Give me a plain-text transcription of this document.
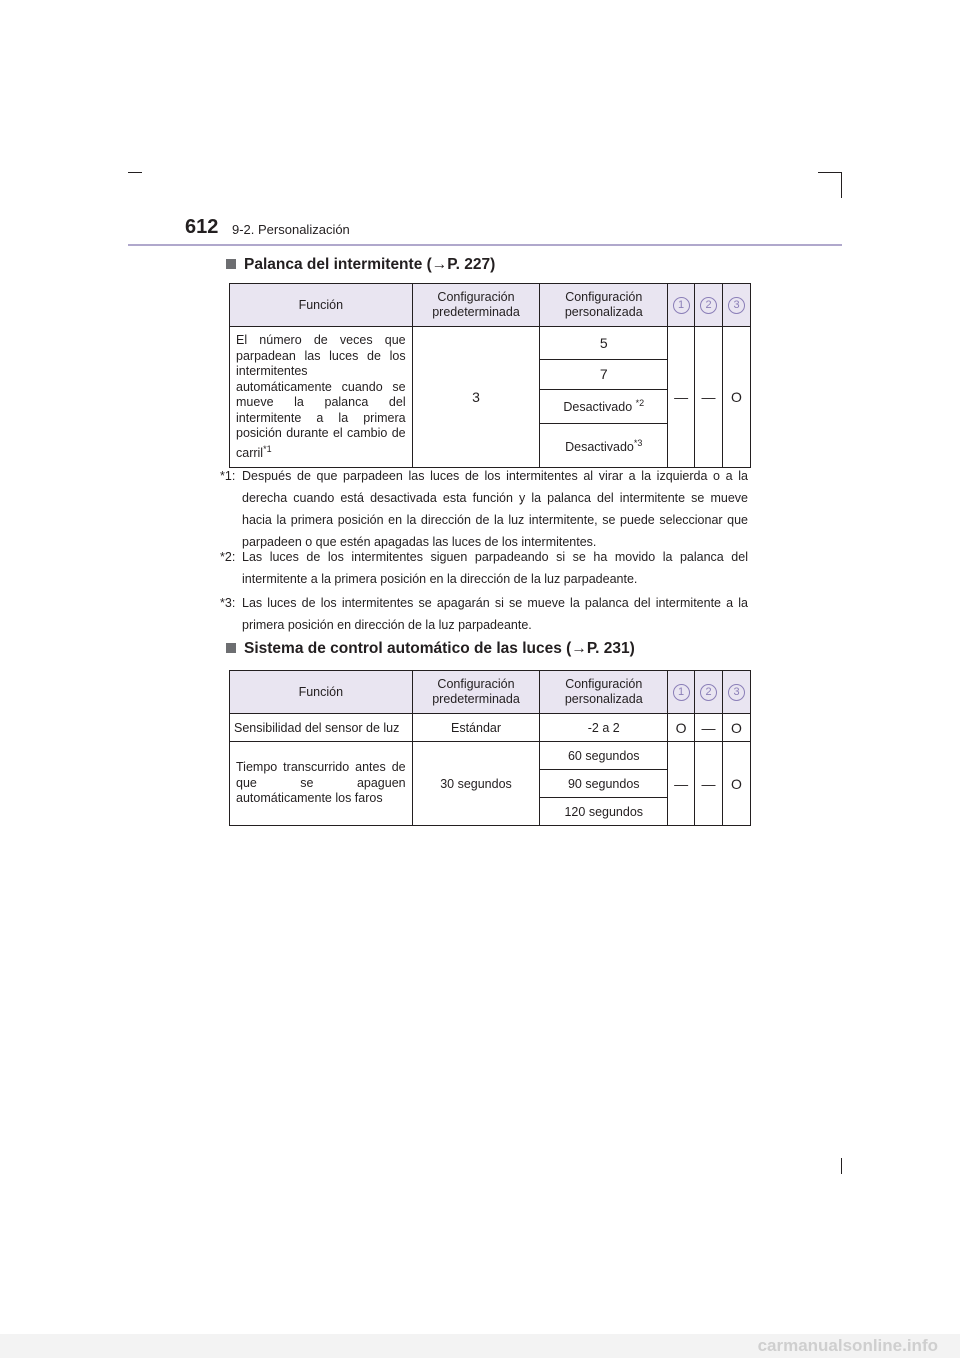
612 9-2. Personalización
Palanca del intermitente (→P. 227)
Función	Configuración predeterminada	Configuración personalizada	1	2	3
El número de veces que parpadean las luces de los intermitentes automáticamente cuando se mueve la palanca del intermitente a la primera posición durante el cambio de carril$^{*1}$	3	5	—	—	O
		7			
		Desactivado $^{*2}$
		Desactivado$^{*3}$
*1: Después de que parpadeen las luces de los intermitentes al virar a la izquierda o a la derecha cuando está desactivada esta función y la palanca del intermitente se mueve hacia la primera posición en la dirección de la luz intermitente, se puede seleccionar que parpadeen o que estén apagadas las luces de los intermitentes.
*2: Las luces de los intermitentes siguen parpadeando si se ha movido la palanca del intermitente a la primera posición en la dirección de la luz parpadeante.
*3: Las luces de los intermitentes se apagarán si se mueve la palanca del intermitente a la primera posición en dirección de la luz parpadeante.
Sistema de control automático de las luces (→P. 231)
Función	Configuración predeterminada	Configuración personalizada	1	2	3
Sensibilidad del sensor de luz	Estándar	-2 a 2	O	—	O
Tiempo transcurrido antes de que se apaguen automáticamente los faros	30 segundos	60 segundos	—	—	O
		90 segundos			
		120 segundos			
carmanualsonline.info
